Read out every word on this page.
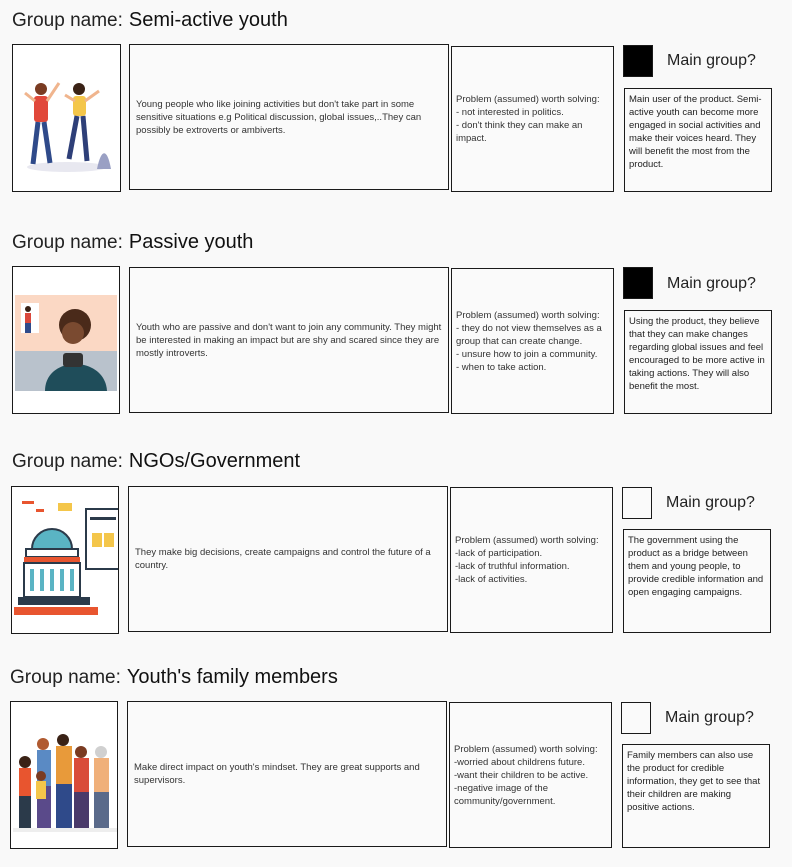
Group name: Semi-active youth
Young people who like joining activities but don't take part in some sensitive situations e.g Political discussion, global issues,..They can possibly be extroverts or ambiverts.
Problem (assumed) worth solving:
- not interested in politics.
- don't think they can make an impact.
Main group?
Main user of the product. Semi-active youth can become more engaged in social activities and make their voices heard. They will benefit the most from the product.
Group name: Passive youth
Youth who are passive and don't want to join any community. They might be interested in making an impact but are shy and scared since they are mostly introverts.
Problem (assumed) worth solving:
- they do not view themselves as a group that can create change.
- unsure how to join a community.
- when to take action.
Main group?
Using the product, they believe that they can make changes regarding global issues and feel encouraged to be more active in taking actions. They will also benefit the most.
Group name: NGOs/Government
They make big decisions, create campaigns and control the future of a country.
Problem (assumed) worth solving:
-lack of participation.
-lack of truthful information.
-lack of activities.
Main group?
The government using the product as a bridge between them and young people, to provide credible information and open engaging campaigns.
Group name: Youth's family members
Make direct impact on youth's mindset. They are great supports and supervisors.
Problem (assumed) worth solving:
-worried about childrens future.
-want their children to be active.
-negative image of the community/government.
Main group?
Family members can also use the product for credible information, they get to see that their children are making positive actions.
